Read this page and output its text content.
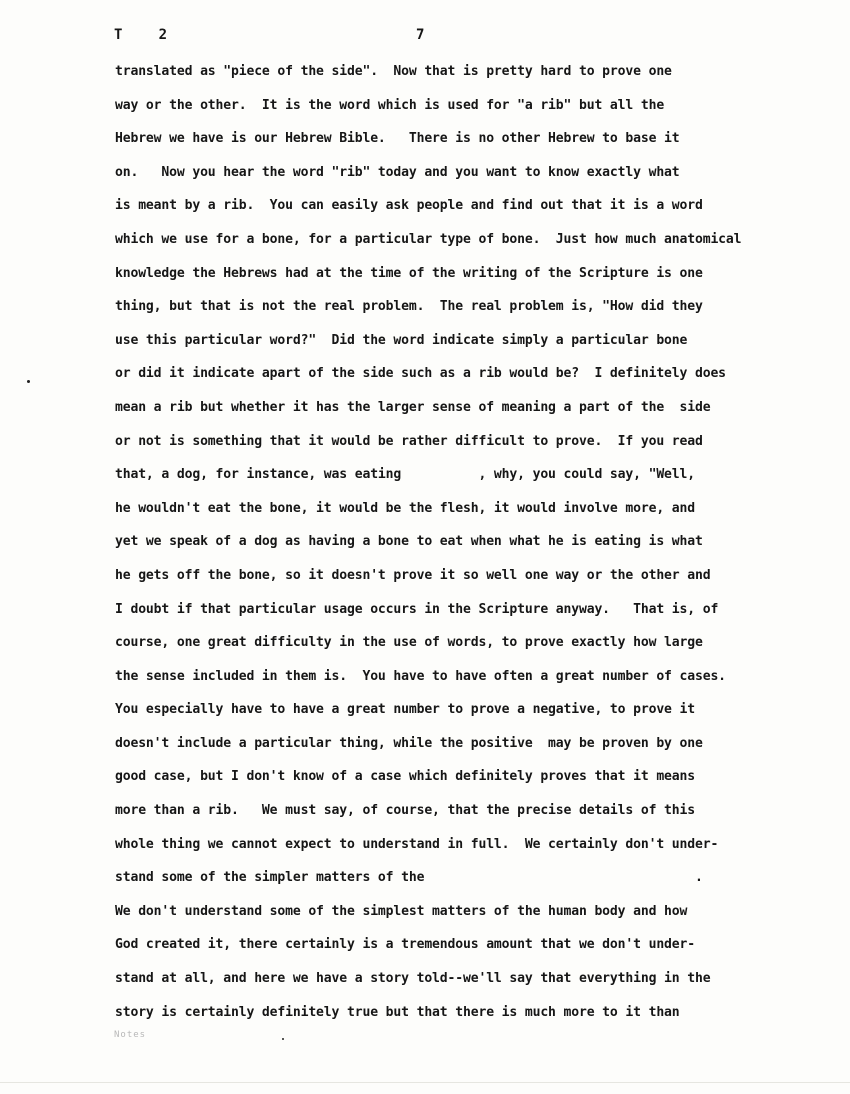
T    2	7
translated as "piece of the side".  Now that is pretty hard to prove one
way or the other.  It is the word which is used for "a rib" but all the
Hebrew we have is our Hebrew Bible.   There is no other Hebrew to base it
on.   Now you hear the word "rib" today and you want to know exactly what
is meant by a rib.  You can easily ask people and find out that it is a word
which we use for a bone, for a particular type of bone.  Just how much anatomical
knowledge the Hebrews had at the time of the writing of the Scripture is one
thing, but that is not the real problem.  The real problem is, "How did they
use this particular word?"  Did the word indicate simply a particular bone
or did it indicate apart of the side such as a rib would be?  I definitely does
mean a rib but whether it has the larger sense of meaning a part of the  side
or not is something that it would be rather difficult to prove.  If you read
that, a dog, for instance, was eating          , why, you could say, "Well,
he wouldn't eat the bone, it would be the flesh, it would involve more, and
yet we speak of a dog as having a bone to eat when what he is eating is what
he gets off the bone, so it doesn't prove it so well one way or the other and
I doubt if that particular usage occurs in the Scripture anyway.   That is, of
course, one great difficulty in the use of words, to prove exactly how large
the sense included in them is.  You have to have often a great number of cases.
You especially have to have a great number to prove a negative, to prove it
doesn't include a particular thing, while the positive  may be proven by one
good case, but I don't know of a case which definitely proves that it means
more than a rib.   We must say, of course, that the precise details of this
whole thing we cannot expect to understand in full.  We certainly don't under-
stand some of the simpler matters of the                                   .
We don't understand some of the simplest matters of the human body and how
God created it, there certainly is a tremendous amount that we don't under-
stand at all, and here we have a story told--we'll say that everything in the
story is certainly definitely true but that there is much more to it than
Notes
